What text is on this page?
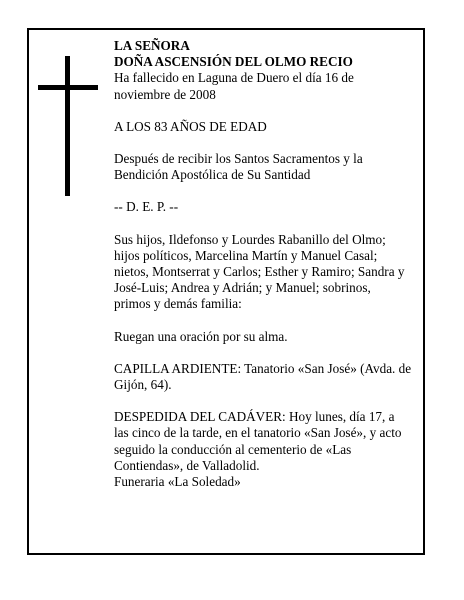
LA SEÑORA

DOÑA ASCENSIÓN DEL OLMO RECIO

Ha fallecido en Laguna de Duero el día 16 de

noviembre de 2008

A LOS 83 AÑOS DE EDAD

Después de recibir los Santos Sacramentos y la

Bendición Apostólica de Su Santidad

-- D. E. P. --

Sus hijos, Ildefonso y Lourdes Rabanillo del Olmo;

hijos políticos, Marcelina Martín y Manuel Casal;

nietos, Montserrat y Carlos; Esther y Ramiro; Sandra y

José-Luis; Andrea y Adrián; y Manuel; sobrinos,

primos y demás familia:

Ruegan una oración por su alma.

CAPILLA ARDIENTE: Tanatorio «San José» (Avda. de

Gijón, 64).

DESPEDIDA DEL CADÁVER: Hoy lunes, día 17, a

las cinco de la tarde, en el tanatorio «San José», y acto

seguido la conducción al cementerio de «Las

Contiendas», de Valladolid.

Funeraria «La Soledad»
